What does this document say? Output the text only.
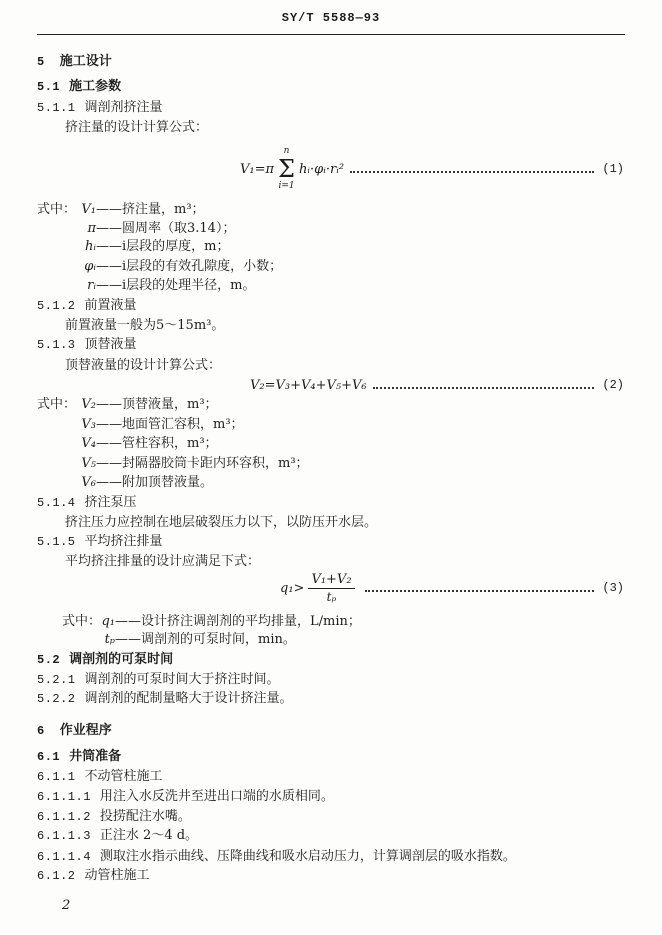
SY/T 5588—93
5 施工设计
5.1 施工参数
5.1.1 调剖剂挤注量
挤注量的设计计算公式：
V₁=π
n
Σ
i=1
hᵢ·φᵢ·rᵢ²	(1)
式中： V₁——挤注量，m³；
π——圆周率（取3.14）；
hᵢ——i层段的厚度，m；
φᵢ——i层段的有效孔隙度，小数；
rᵢ——i层段的处理半径，m。
5.1.2 前置液量
前置液量一般为5～15m³。
5.1.3 顶替液量
顶替液量的设计计算公式：
V₂=V₃+V₄+V₅+V₆	(2)
式中： V₂——顶替液量，m³；
V₃——地面管汇容积，m³；
V₄——管柱容积，m³；
V₅——封隔器胶筒卡距内环容积，m³；
V₆——附加顶替液量。
5.1.4 挤注泵压
挤注压力应控制在地层破裂压力以下，以防压开水层。
5.1.5 平均挤注排量
平均挤注排量的设计应满足下式：
$q_1> \frac{\text{V₁+V₂}}{\text{tₚ}}$	(3)
式中：q₁——设计挤注调剖剂的平均排量，L/min；
tₚ——调剖剂的可泵时间，min。
5.2 调剖剂的可泵时间
5.2.1 调剖剂的可泵时间大于挤注时间。
5.2.2 调剖剂的配制量略大于设计挤注量。
6 作业程序
6.1 井筒准备
6.1.1 不动管柱施工
6.1.1.1 用注入水反洗井至进出口端的水质相同。
6.1.1.2 投捞配注水嘴。
6.1.1.3 正注水 2～4 d。
6.1.1.4 测取注水指示曲线、压降曲线和吸水启动压力，计算调剖层的吸水指数。
6.1.2 动管柱施工
2
